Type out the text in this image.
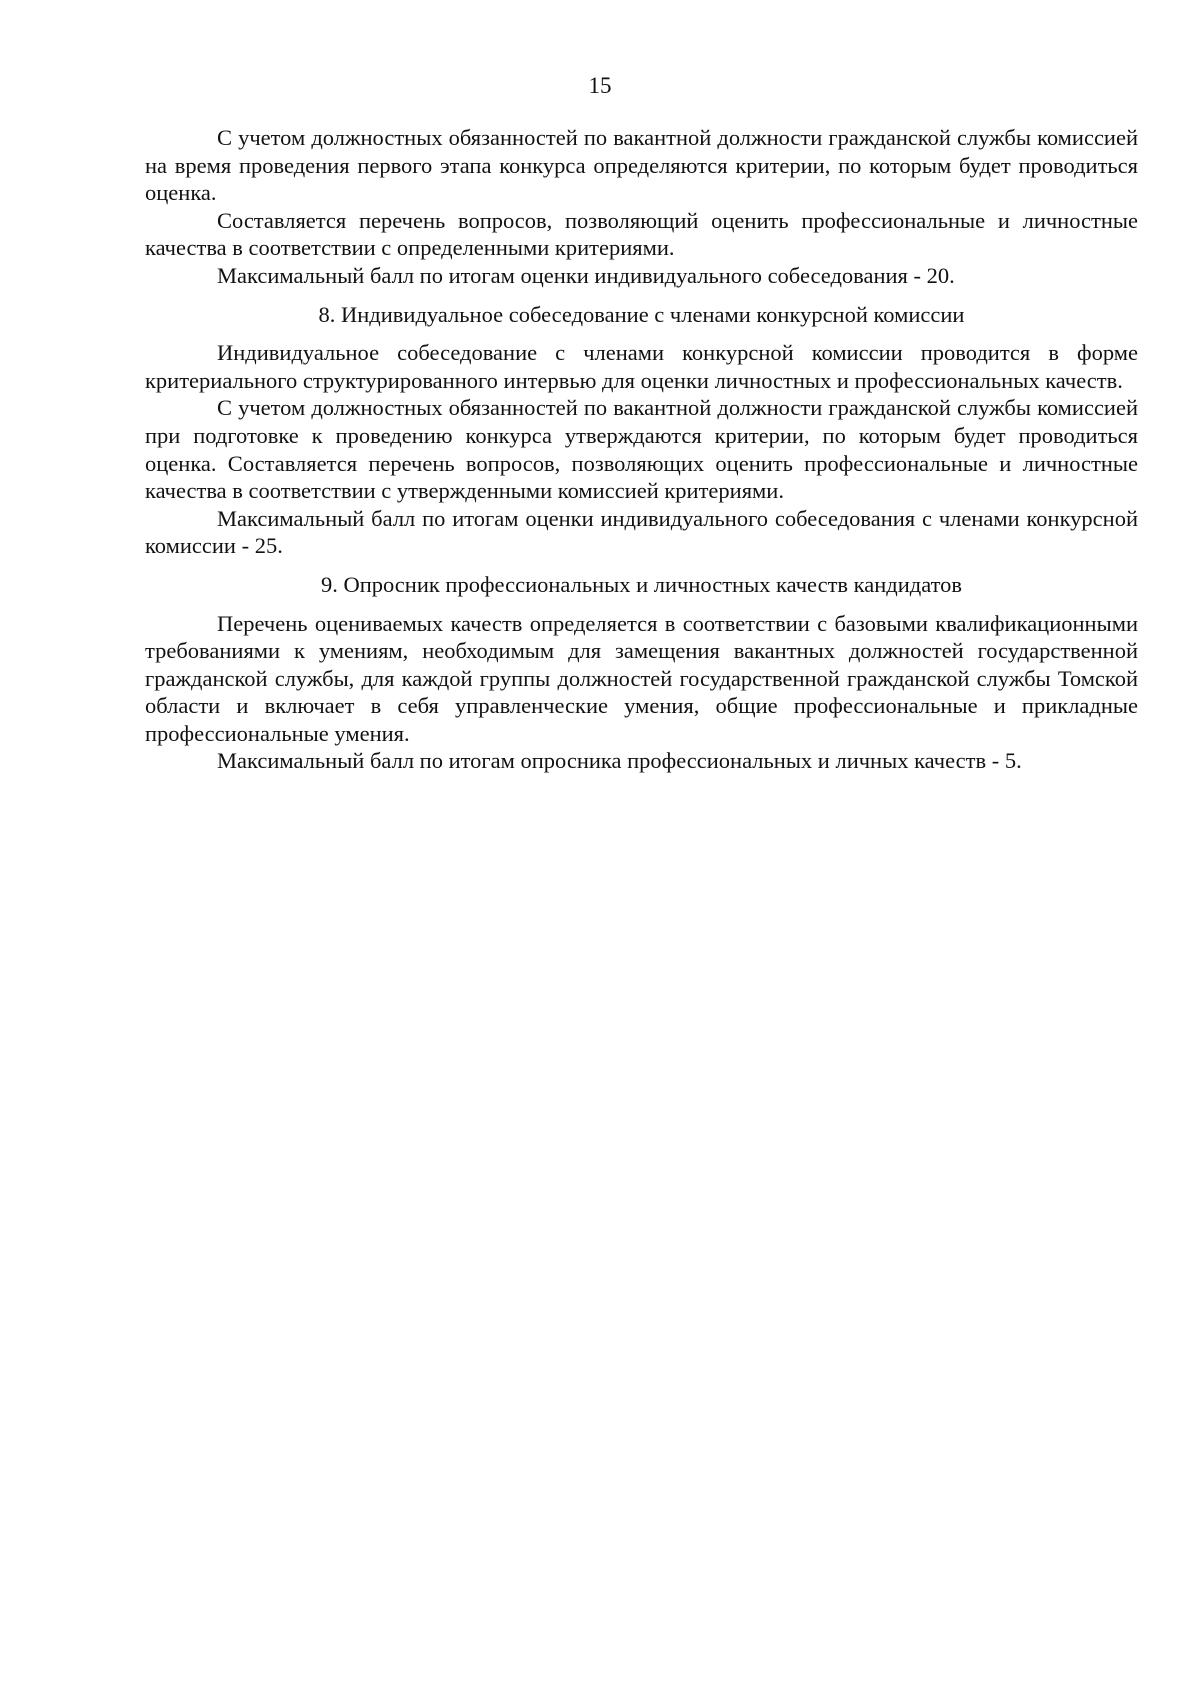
15

С учетом должностных обязанностей по вакантной должности гражданской службы комиссией на время проведения первого этапа конкурса определяются критерии, по которым будет проводиться оценка.

Составляется перечень вопросов, позволяющий оценить профессиональные и личностные качества в соответствии с определенными критериями.

Максимальный балл по итогам оценки индивидуального собеседования - 20.

8. Индивидуальное собеседование с членами конкурсной комиссии

Индивидуальное собеседование с членами конкурсной комиссии проводится в форме критериального структурированного интервью для оценки личностных и профессиональных качеств.

С учетом должностных обязанностей по вакантной должности гражданской службы комиссией при подготовке к проведению конкурса утверждаются критерии, по которым будет проводиться оценка. Составляется перечень вопросов, позволяющих оценить профессиональные и личностные качества в соответствии с утвержденными комиссией критериями.

Максимальный балл по итогам оценки индивидуального собеседования с членами конкурсной комиссии - 25.

9. Опросник профессиональных и личностных качеств кандидатов

Перечень оцениваемых качеств определяется в соответствии с базовыми квалификационными требованиями к умениям, необходимым для замещения вакантных должностей государственной гражданской службы, для каждой группы должностей государственной гражданской службы Томской области и включает в себя управленческие умения, общие профессиональные и прикладные профессиональные умения.

Максимальный балл по итогам опросника профессиональных и личных качеств - 5.
